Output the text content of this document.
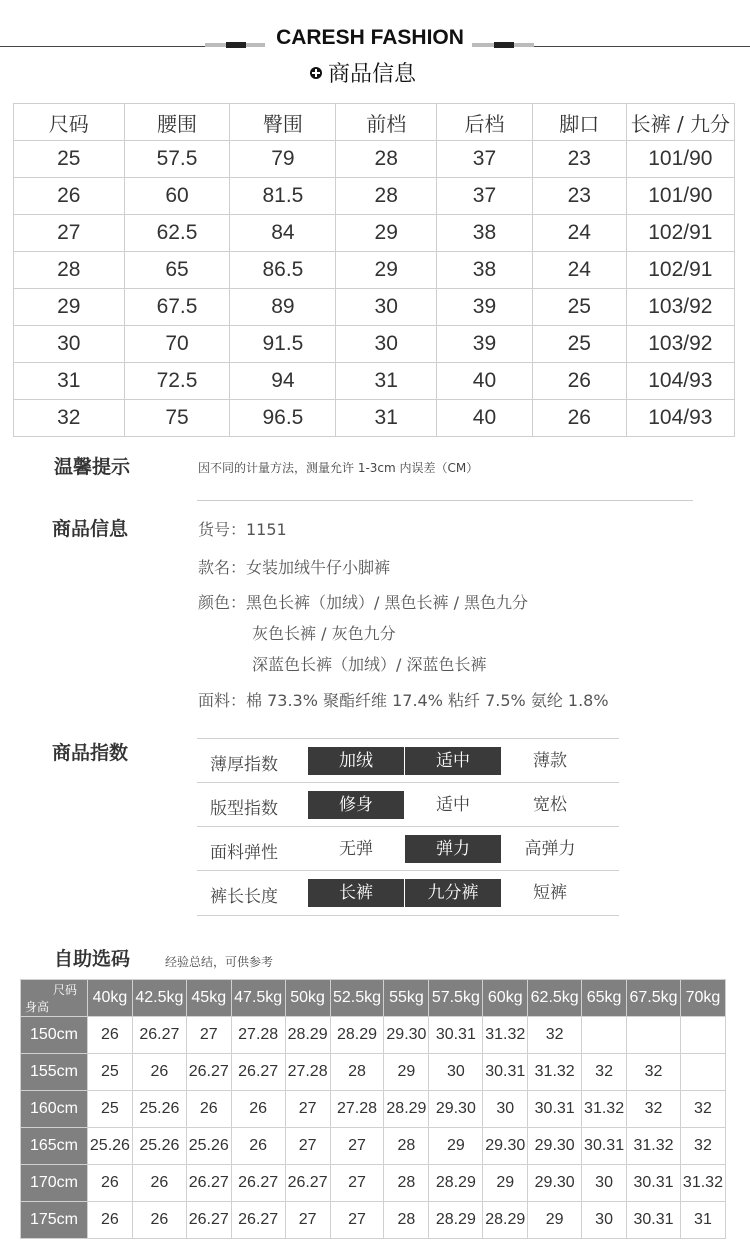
CARESH FASHION
商品信息
尺码	腰围	臀围	前档	后档	脚口	长裤 / 九分
25	57.5	79	28	37	23	101/90
26	60	81.5	28	37	23	101/90
27	62.5	84	29	38	24	102/91
28	65	86.5	29	38	24	102/91
29	67.5	89	30	39	25	103/92
30	70	91.5	30	39	25	103/92
31	72.5	94	31	40	26	104/93
32	75	96.5	31	40	26	104/93
温馨提示	因不同的计量方法，测量允许 1-3cm 内误差（CM）
商品信息	货号：1151
款名：女装加绒牛仔小脚裤
颜色：黑色长裤（加绒）/ 黑色长裤 / 黑色九分
灰色长裤 / 灰色九分
深蓝色长裤（加绒）/ 深蓝色长裤
面料：棉 73.3% 聚酯纤维 17.4% 粘纤 7.5% 氨纶 1.8%
商品指数
薄厚指数	加绒	适中	薄款
版型指数	修身	适中	宽松
面料弹性	无弹	弹力	高弹力
裤长长度	长裤	九分裤	短裤
自助选码	经验总结，可供参考
尺码
身高	40kg	42.5kg	45kg	47.5kg	50kg	52.5kg	55kg	57.5kg	60kg	62.5kg	65kg	67.5kg	70kg
150cm	26	26.27	27	27.28	28.29	28.29	29.30	30.31	31.32	32			
155cm	25	26	26.27	26.27	27.28	28	29	30	30.31	31.32	32	32	
160cm	25	25.26	26	26	27	27.28	28.29	29.30	30	30.31	31.32	32	32
165cm	25.26	25.26	25.26	26	27	27	28	29	29.30	29.30	30.31	31.32	32
170cm	26	26	26.27	26.27	26.27	27	28	28.29	29	29.30	30	30.31	31.32
175cm	26	26	26.27	26.27	27	27	28	28.29	28.29	29	30	30.31	31
